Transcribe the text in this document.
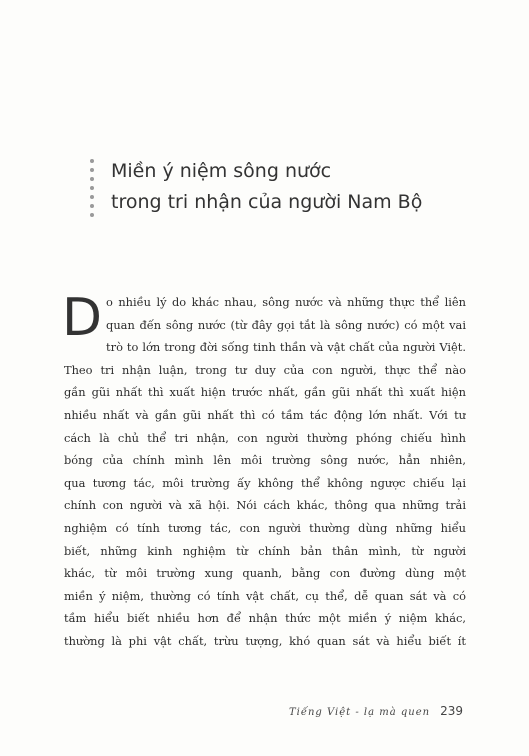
Miền ý niệm sông nước
trong tri nhận của người Nam Bộ
D o nhiều lý do khác nhau, sông nước và những thực thể liên
quan đến sông nước (từ đây gọi tắt là sông nước) có một vai
trò to lớn trong đời sống tinh thần và vật chất của người Việt.
Theo tri nhận luận, trong tư duy của con người, thực thể nào
gần gũi nhất thì xuất hiện trước nhất, gần gũi nhất thì xuất hiện
nhiều nhất và gần gũi nhất thì có tầm tác động lớn nhất. Với tư
cách là chủ thể tri nhận, con người thường phóng chiếu hình
bóng của chính mình lên môi trường sông nước, hẳn nhiên,
qua tương tác, môi trường ấy không thể không ngược chiếu lại
chính con người và xã hội. Nói cách khác, thông qua những trải
nghiệm có tính tương tác, con người thường dùng những hiểu
biết, những kinh nghiệm từ chính bản thân mình, từ người
khác, từ môi trường xung quanh, bằng con đường dùng một
miền ý niệm, thường có tính vật chất, cụ thể, dễ quan sát và có
tầm hiểu biết nhiều hơn để nhận thức một miền ý niệm khác,
thường là phi vật chất, trừu tượng, khó quan sát và hiểu biết ít
Tiếng Việt - lạ mà quen 239
